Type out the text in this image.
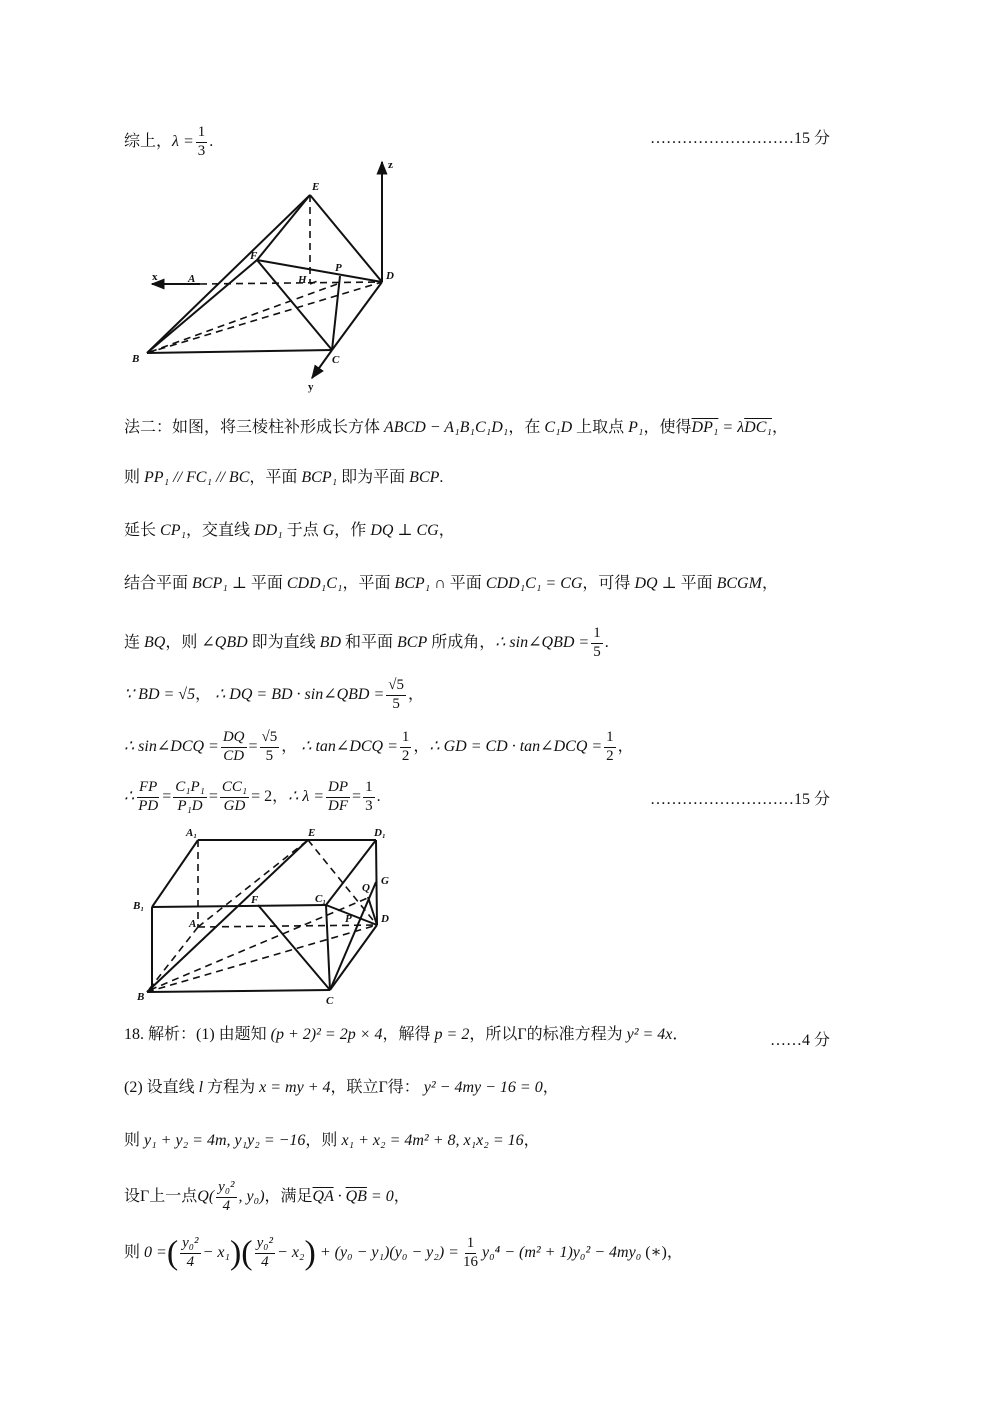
综上，$\lambda = \frac{1}{3}$ .	………………………15 分
E
F
H
P
A	D
B	C
x
y
z
法二：如图，将三棱柱补形成长方体 ABCD − A₁B₁C₁D₁，在 C₁D 上取点 P₁，使得DP₁ = λDC₁，
则 PP₁ // FC₁ // BC，平面 BCP₁ 即为平面 BCP.
延长 CP₁，交直线 DD₁ 于点 G，作 DQ ⊥ CG，
结合平面 BCP₁ ⊥ 平面 CDD₁C₁，平面 BCP₁ ∩ 平面 CDD₁C₁ = CG，可得 DQ ⊥ 平面 BCGM，
连 BQ，则 ∠QBD 即为直线 BD 和平面 BCP 所成角，∴ sin∠QBD = $\frac{1}{5}$ .
∵ BD = √5， ∴ DQ = BD · sin∠QBD = $\frac{√5}{5}$ ，
∴ sin∠DCQ = $\frac{DQ}{CD} = \frac{√5}{5}$ ， ∴ tan∠DCQ = $\frac{1}{2}$ ，∴ GD = CD · tan∠DCQ = $\frac{1}{2}$ ，
∴ $\frac{FP}{PD} = \frac{\text{C₁P₁}}{\text{P₁D}} = \frac{\text{CC₁}}{GD} = 2$，∴ $\lambda = \frac{DP}{DF} = \frac{1}{3}$ .	………………………15 分
A₁	E	D₁
B₁	F	C₁
A	P	D
Q
G
B	C
18. 解析：(1) 由题知 (p + 2)² = 2p × 4，解得 p = 2，所以Γ的标准方程为 y² = 4x．	……4 分
(2) 设直线 l 方程为 x = my + 4，联立Γ得： y² − 4my − 16 = 0，
则 y₁ + y₂ = 4m, y₁y₂ = −16，则 x₁ + x₂ = 4m² + 8, x₁x₂ = 16，
设Γ上一点$Q( \frac{\text{y₀²}}{4}$ , y₀)，满足$\overline{QA} \cdot \overline{QB} = 0$，
则 0 =( $\frac{\text{y₀²}}{4} - x_1)( \frac{\text{y₀²}}{4} - x_2) + (y_0 - y_1)(y_0 - y_2) = \frac{1}{16} y_0^4 - (m^2 + 1)y_0^2 - 4my_0$ (∗)，
